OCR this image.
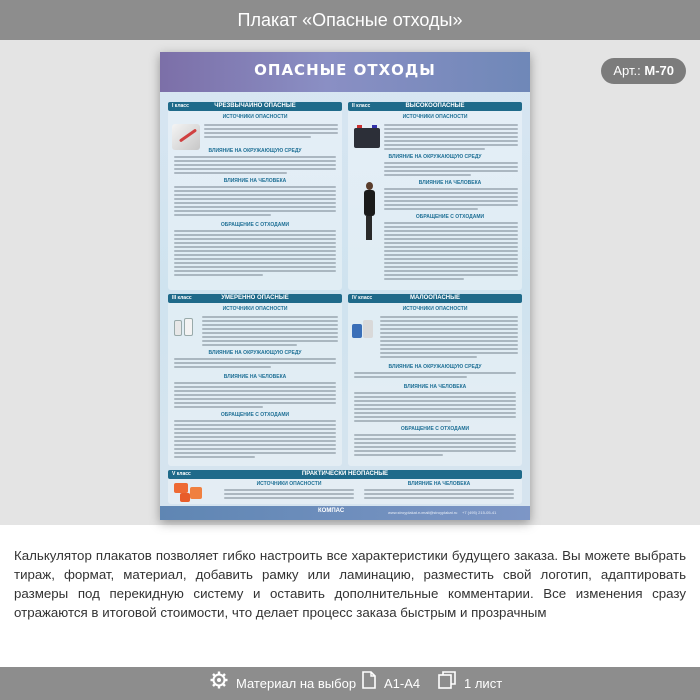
Плакат «Опасные отходы»
Арт.: М-70
ОПАСНЫЕ ОТХОДЫ
I класс	ЧРЕЗВЫЧАЙНО ОПАСНЫЕ
ИСТОЧНИКИ ОПАСНОСТИ
ВЛИЯНИЕ НА ОКРУЖАЮЩУЮ СРЕДУ
ВЛИЯНИЕ НА ЧЕЛОВЕКА
ОБРАЩЕНИЕ С ОТХОДАМИ
II класс	ВЫСОКООПАСНЫЕ
ИСТОЧНИКИ ОПАСНОСТИ
ВЛИЯНИЕ НА ОКРУЖАЮЩУЮ СРЕДУ
ВЛИЯНИЕ НА ЧЕЛОВЕКА
ОБРАЩЕНИЕ С ОТХОДАМИ
III класс	УМЕРЕННО ОПАСНЫЕ
ИСТОЧНИКИ ОПАСНОСТИ
ВЛИЯНИЕ НА ОКРУЖАЮЩУЮ СРЕДУ
ВЛИЯНИЕ НА ЧЕЛОВЕКА
ОБРАЩЕНИЕ С ОТХОДАМИ
IV класс	МАЛООПАСНЫЕ
ИСТОЧНИКИ ОПАСНОСТИ
ВЛИЯНИЕ НА ОКРУЖАЮЩУЮ СРЕДУ
ВЛИЯНИЕ НА ЧЕЛОВЕКА
ОБРАЩЕНИЕ С ОТХОДАМИ
V класс	ПРАКТИЧЕСКИ НЕОПАСНЫЕ
ИСТОЧНИКИ ОПАСНОСТИ	ВЛИЯНИЕ НА ЧЕЛОВЕКА
КОМПАС	www.stroyplakat.ru mail@stroyplakat.ru +7 (495) 215-05-41
Калькулятор плакатов позволяет гибко настроить все характеристики будущего заказа. Вы можете выбрать тираж, формат, материал, добавить рамку или ламинацию, разместить свой логотип, адаптировать размеры под перекидную систему и оставить дополнительные комментарии. Все изменения сразу отражаются в итоговой стоимости, что делает процесс заказа быстрым и прозрачным
Материал на выбор	А1-А4	1 лист
